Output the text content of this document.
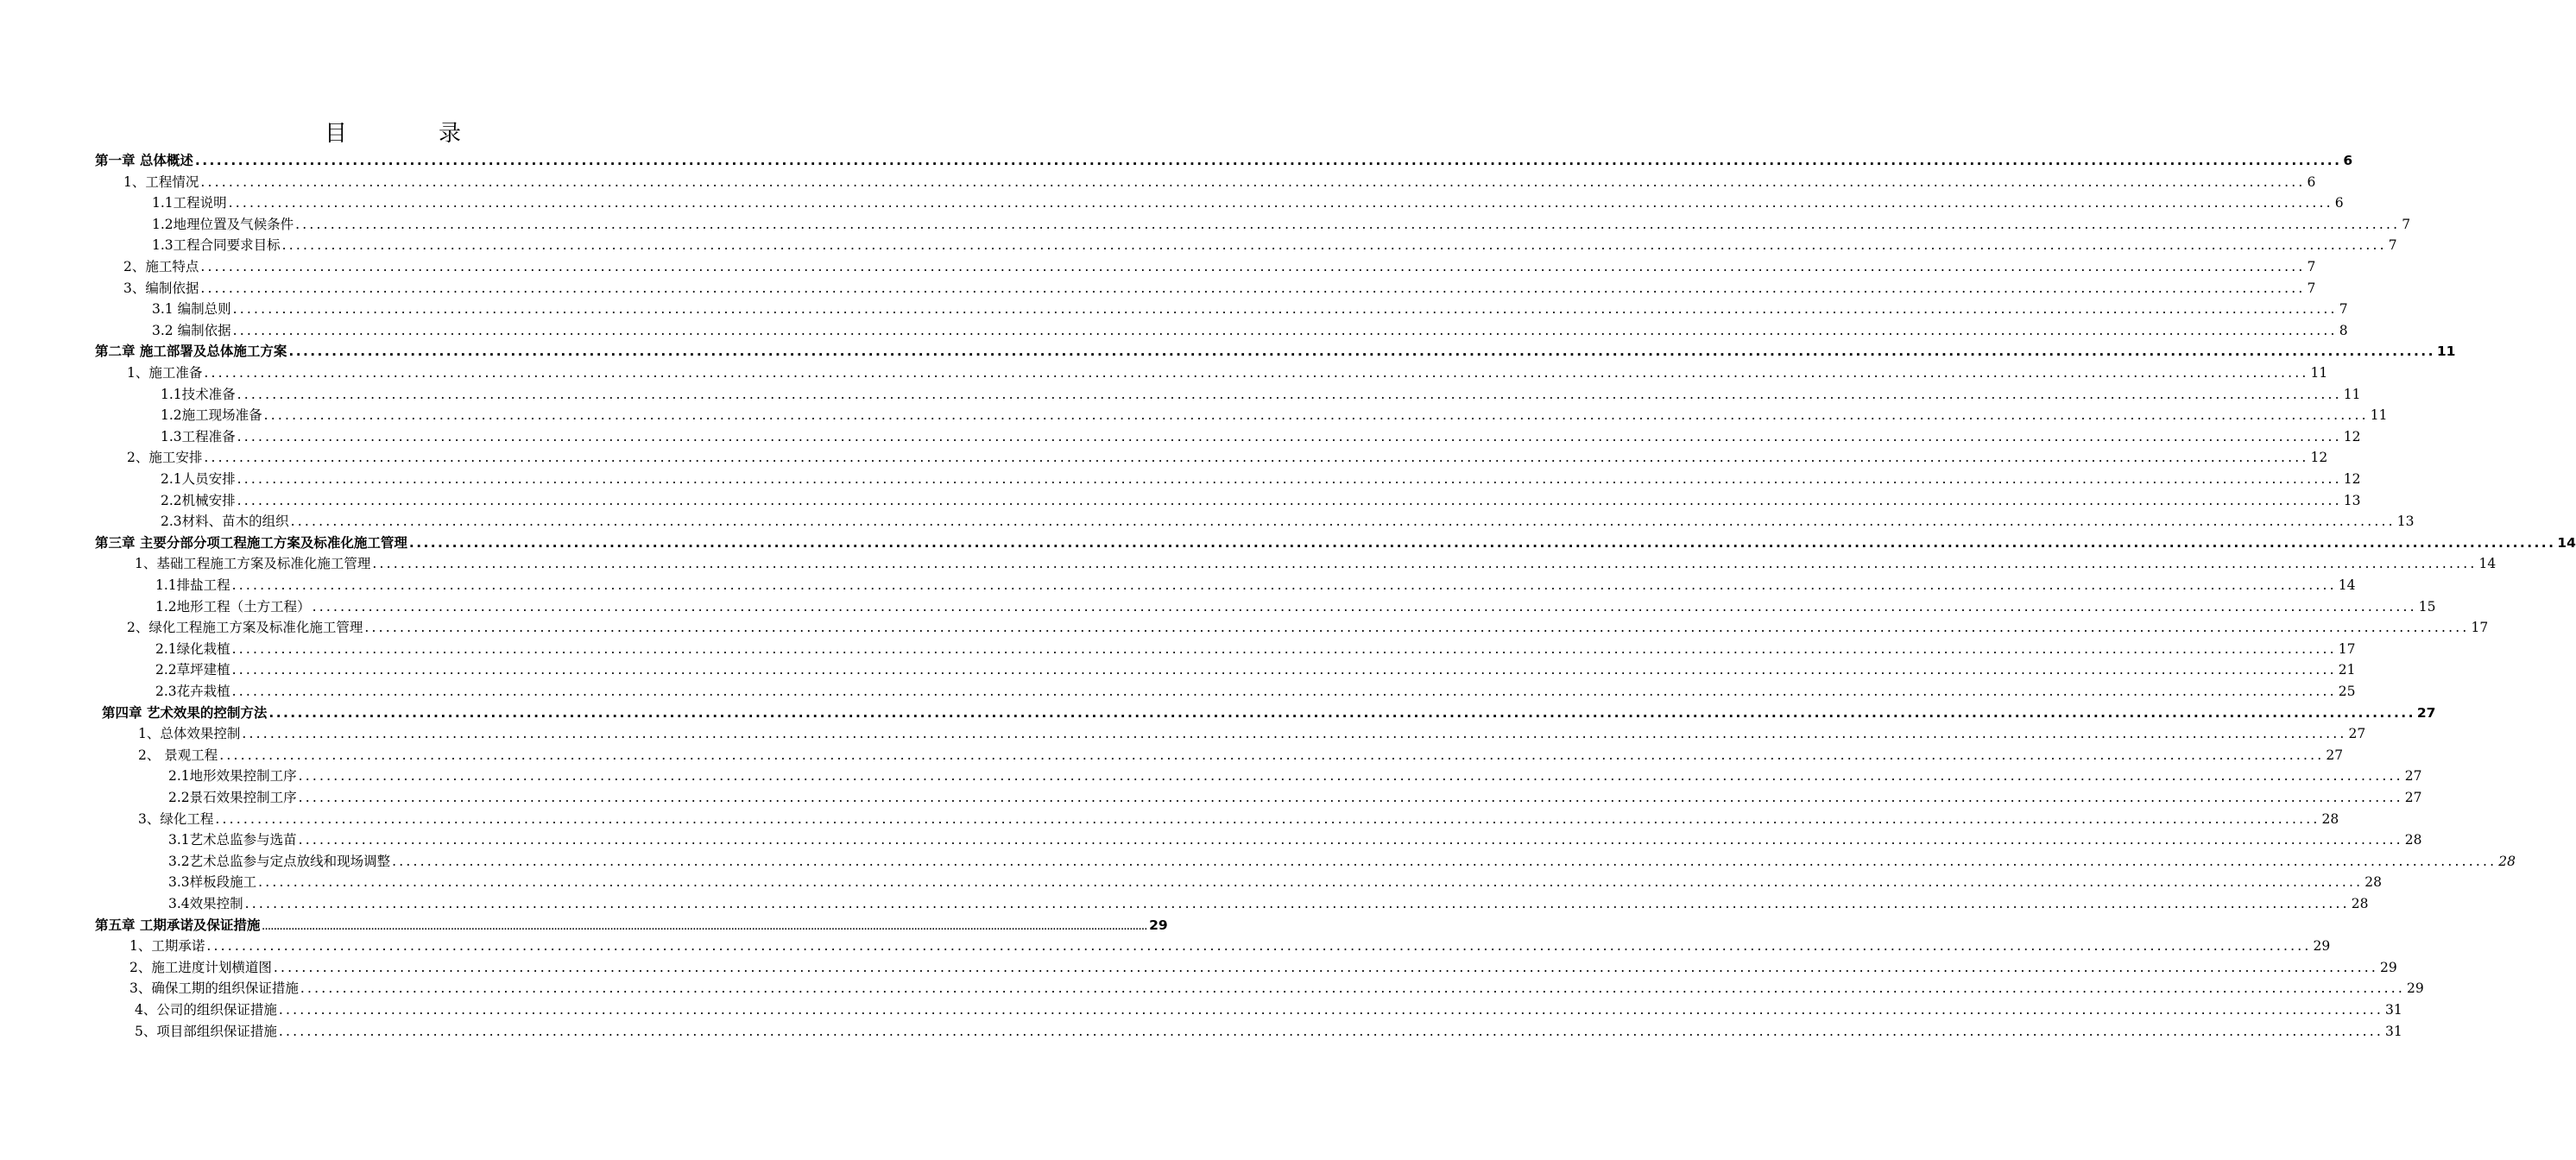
目　录
第一章 总体概述 ............................................................................................................................................................................................................................................................................................................ 6
1、工程情况 ............................................................................................................................................................................................................................................................................................................ 6
1.1工程说明 ............................................................................................................................................................................................................................................................................................................ 6
1.2地理位置及气候条件 ............................................................................................................................................................................................................................................................................................................ 7
1.3工程合同要求目标 ............................................................................................................................................................................................................................................................................................................ 7
2、施工特点 ............................................................................................................................................................................................................................................................................................................ 7
3、编制依据 ............................................................................................................................................................................................................................................................................................................ 7
3.1 编制总则 ............................................................................................................................................................................................................................................................................................................ 7
3.2 编制依据 ............................................................................................................................................................................................................................................................................................................ 8
第二章 施工部署及总体施工方案 ............................................................................................................................................................................................................................................................................................................ 11
1、施工准备 ............................................................................................................................................................................................................................................................................................................ 11
1.1技术准备 ............................................................................................................................................................................................................................................................................................................ 11
1.2施工现场准备 ............................................................................................................................................................................................................................................................................................................ 11
1.3工程准备 ............................................................................................................................................................................................................................................................................................................ 12
2、施工安排 ............................................................................................................................................................................................................................................................................................................ 12
2.1人员安排 ............................................................................................................................................................................................................................................................................................................ 12
2.2机械安排 ............................................................................................................................................................................................................................................................................................................ 13
2.3材料、苗木的组织 ............................................................................................................................................................................................................................................................................................................ 13
第三章 主要分部分项工程施工方案及标准化施工管理 ............................................................................................................................................................................................................................................................................................................ 14
1、基础工程施工方案及标准化施工管理 ............................................................................................................................................................................................................................................................................................................ 14
1.1排盐工程 ............................................................................................................................................................................................................................................................................................................ 14
1.2地形工程（土方工程） ............................................................................................................................................................................................................................................................................................................ 15
2、绿化工程施工方案及标准化施工管理 ............................................................................................................................................................................................................................................................................................................ 17
2.1绿化栽植 ............................................................................................................................................................................................................................................................................................................ 17
2.2草坪建植 ............................................................................................................................................................................................................................................................................................................ 21
2.3花卉栽植 ............................................................................................................................................................................................................................................................................................................ 25
第四章 艺术效果的控制方法 ............................................................................................................................................................................................................................................................................................................ 27
1、总体效果控制 ............................................................................................................................................................................................................................................................................................................ 27
2、 景观工程 ............................................................................................................................................................................................................................................................................................................ 27
2.1地形效果控制工序 ............................................................................................................................................................................................................................................................................................................ 27
2.2景石效果控制工序 ............................................................................................................................................................................................................................................................................................................ 27
3、绿化工程 ............................................................................................................................................................................................................................................................................................................ 28
3.1艺术总监参与选苗 ............................................................................................................................................................................................................................................................................................................ 28
3.2艺术总监参与定点放线和现场调整 ............................................................................................................................................................................................................................................................................................................ 28
3.3样板段施工 ............................................................................................................................................................................................................................................................................................................ 28
3.4效果控制 ............................................................................................................................................................................................................................................................................................................ 28
第五章 工期承诺及保证措施 ............................................................................................................................................................................................................................................................................................................ 29
1、工期承诺 ............................................................................................................................................................................................................................................................................................................ 29
2、施工进度计划横道图 ............................................................................................................................................................................................................................................................................................................ 29
3、确保工期的组织保证措施 ............................................................................................................................................................................................................................................................................................................ 29
4、公司的组织保证措施 ............................................................................................................................................................................................................................................................................................................ 31
5、项目部组织保证措施 ............................................................................................................................................................................................................................................................................................................ 31
